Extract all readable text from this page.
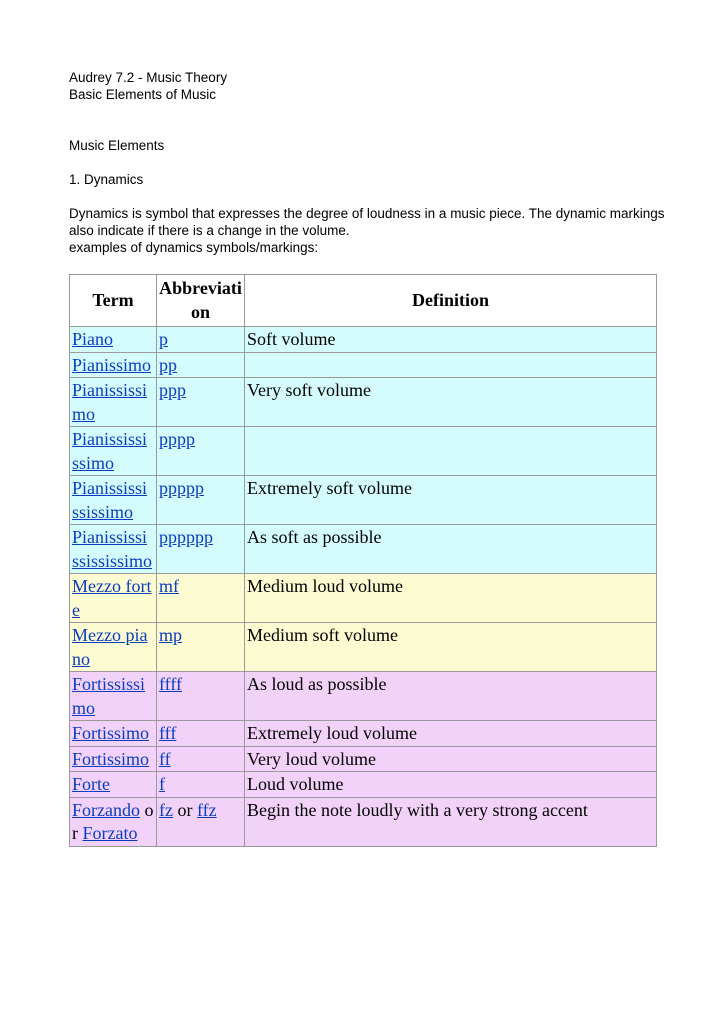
Audrey 7.2 - Music Theory
Basic Elements of Music
Music Elements
1. Dynamics
Dynamics is symbol that expresses the degree of loudness in a music piece. The dynamic markings also indicate if there is a change in the volume.
examples of dynamics symbols/markings:
Term	Abbreviation	Definition
Piano	p	Soft volume
Pianissimo	pp	
Pianississimo	ppp	Very soft volume
Pianissississimo	pppp	
Pianississississimo	ppppp	Extremely soft volume
Pianissississississimo	pppppp	As soft as possible
Mezzo forte	mf	Medium loud volume
Mezzo piano	mp	Medium soft volume
Fortississimo	ffff	As loud as possible
Fortissimo	fff	Extremely loud volume
Fortissimo	ff	Very loud volume
Forte	f	Loud volume
Forzando or Forzato	fz or ffz	Begin the note loudly with a very strong accent
